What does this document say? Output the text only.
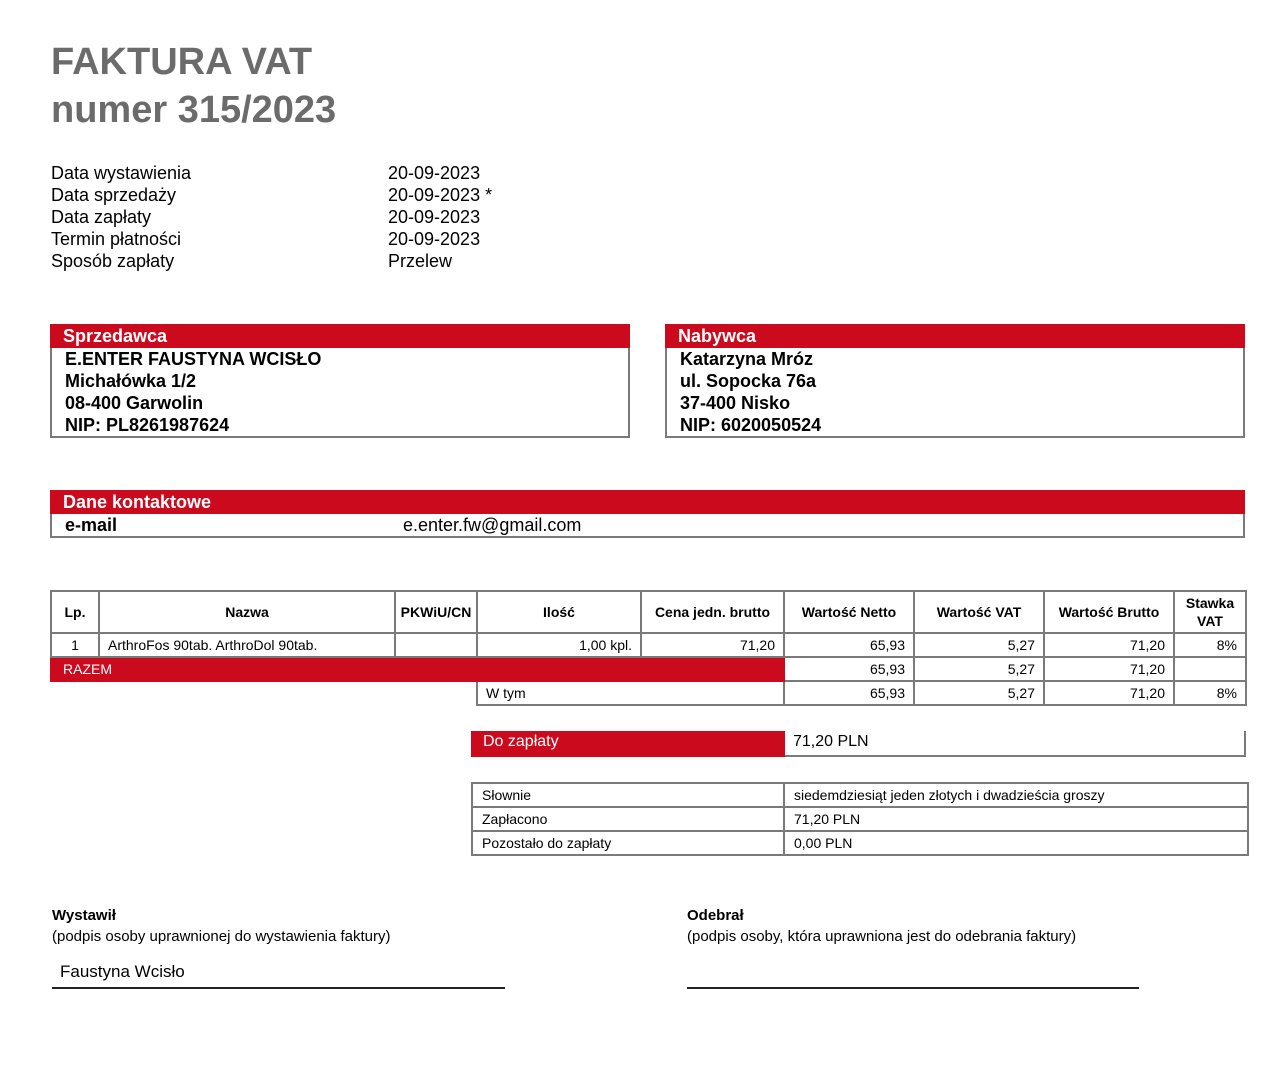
FAKTURA VAT
numer 315/2023
Data wystawienia	20-09-2023
Data sprzedaży	20-09-2023 *
Data zapłaty	20-09-2023
Termin płatności	20-09-2023
Sposób zapłaty	Przelew
Sprzedawca
E.ENTER FAUSTYNA WCISŁO
Michałówka 1/2
08-400 Garwolin
NIP: PL8261987624
Nabywca
Katarzyna Mróz
ul. Sopocka 76a
37-400 Nisko
NIP: 6020050524
Dane kontaktowe
e-mail	e.enter.fw@gmail.com
Lp.	Nazwa	PKWiU/CN	Ilość	Cena jedn. brutto	Wartość Netto	Wartość VAT	Wartość Brutto	Stawka VAT
1	ArthroFos 90tab. ArthroDol 90tab.		1,00 kpl.	71,20	65,93	5,27	71,20	8%
RAZEM					65,93	5,27	71,20	
			W tym		65,93	5,27	71,20	8%
Do zapłaty	71,20 PLN
Słownie	siedemdziesiąt jeden złotych i dwadzieścia groszy
Zapłacono	71,20 PLN
Pozostało do zapłaty	0,00 PLN
Wystawił
(podpis osoby uprawnionej do wystawienia faktury)
Faustyna Wcisło
Odebrał
(podpis osoby, która uprawniona jest do odebrania faktury)
